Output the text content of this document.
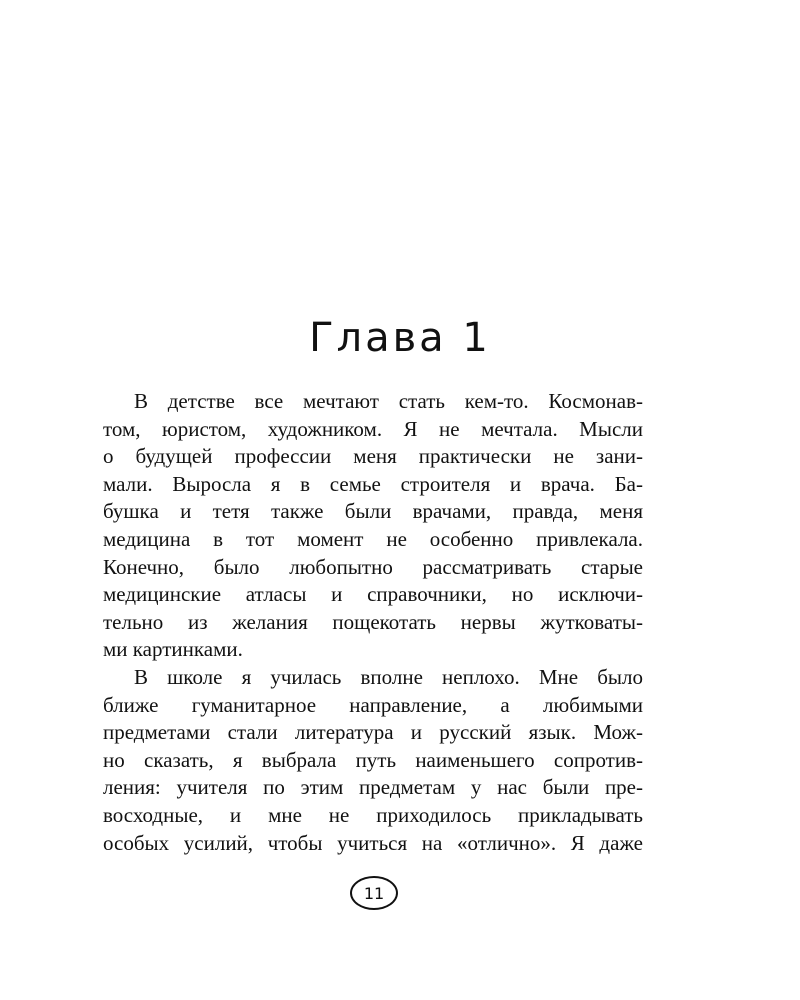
Глава 1
В детстве все мечтают стать кем-то. Космонав-
том, юристом, художником. Я не мечтала. Мысли
о будущей профессии меня практически не зани-
мали. Выросла я в семье строителя и врача. Ба-
бушка и тетя также были врачами, правда, меня
медицина в тот момент не особенно привлекала.
Конечно, было любопытно рассматривать старые
медицинские атласы и справочники, но исключи-
тельно из желания пощекотать нервы жутковаты-
ми картинками.
В школе я училась вполне неплохо. Мне было
ближе гуманитарное направление, а любимыми
предметами стали литература и русский язык. Мож-
но сказать, я выбрала путь наименьшего сопротив-
ления: учителя по этим предметам у нас были пре-
восходные, и мне не приходилось прикладывать
особых усилий, чтобы учиться на «отлично». Я даже
11
